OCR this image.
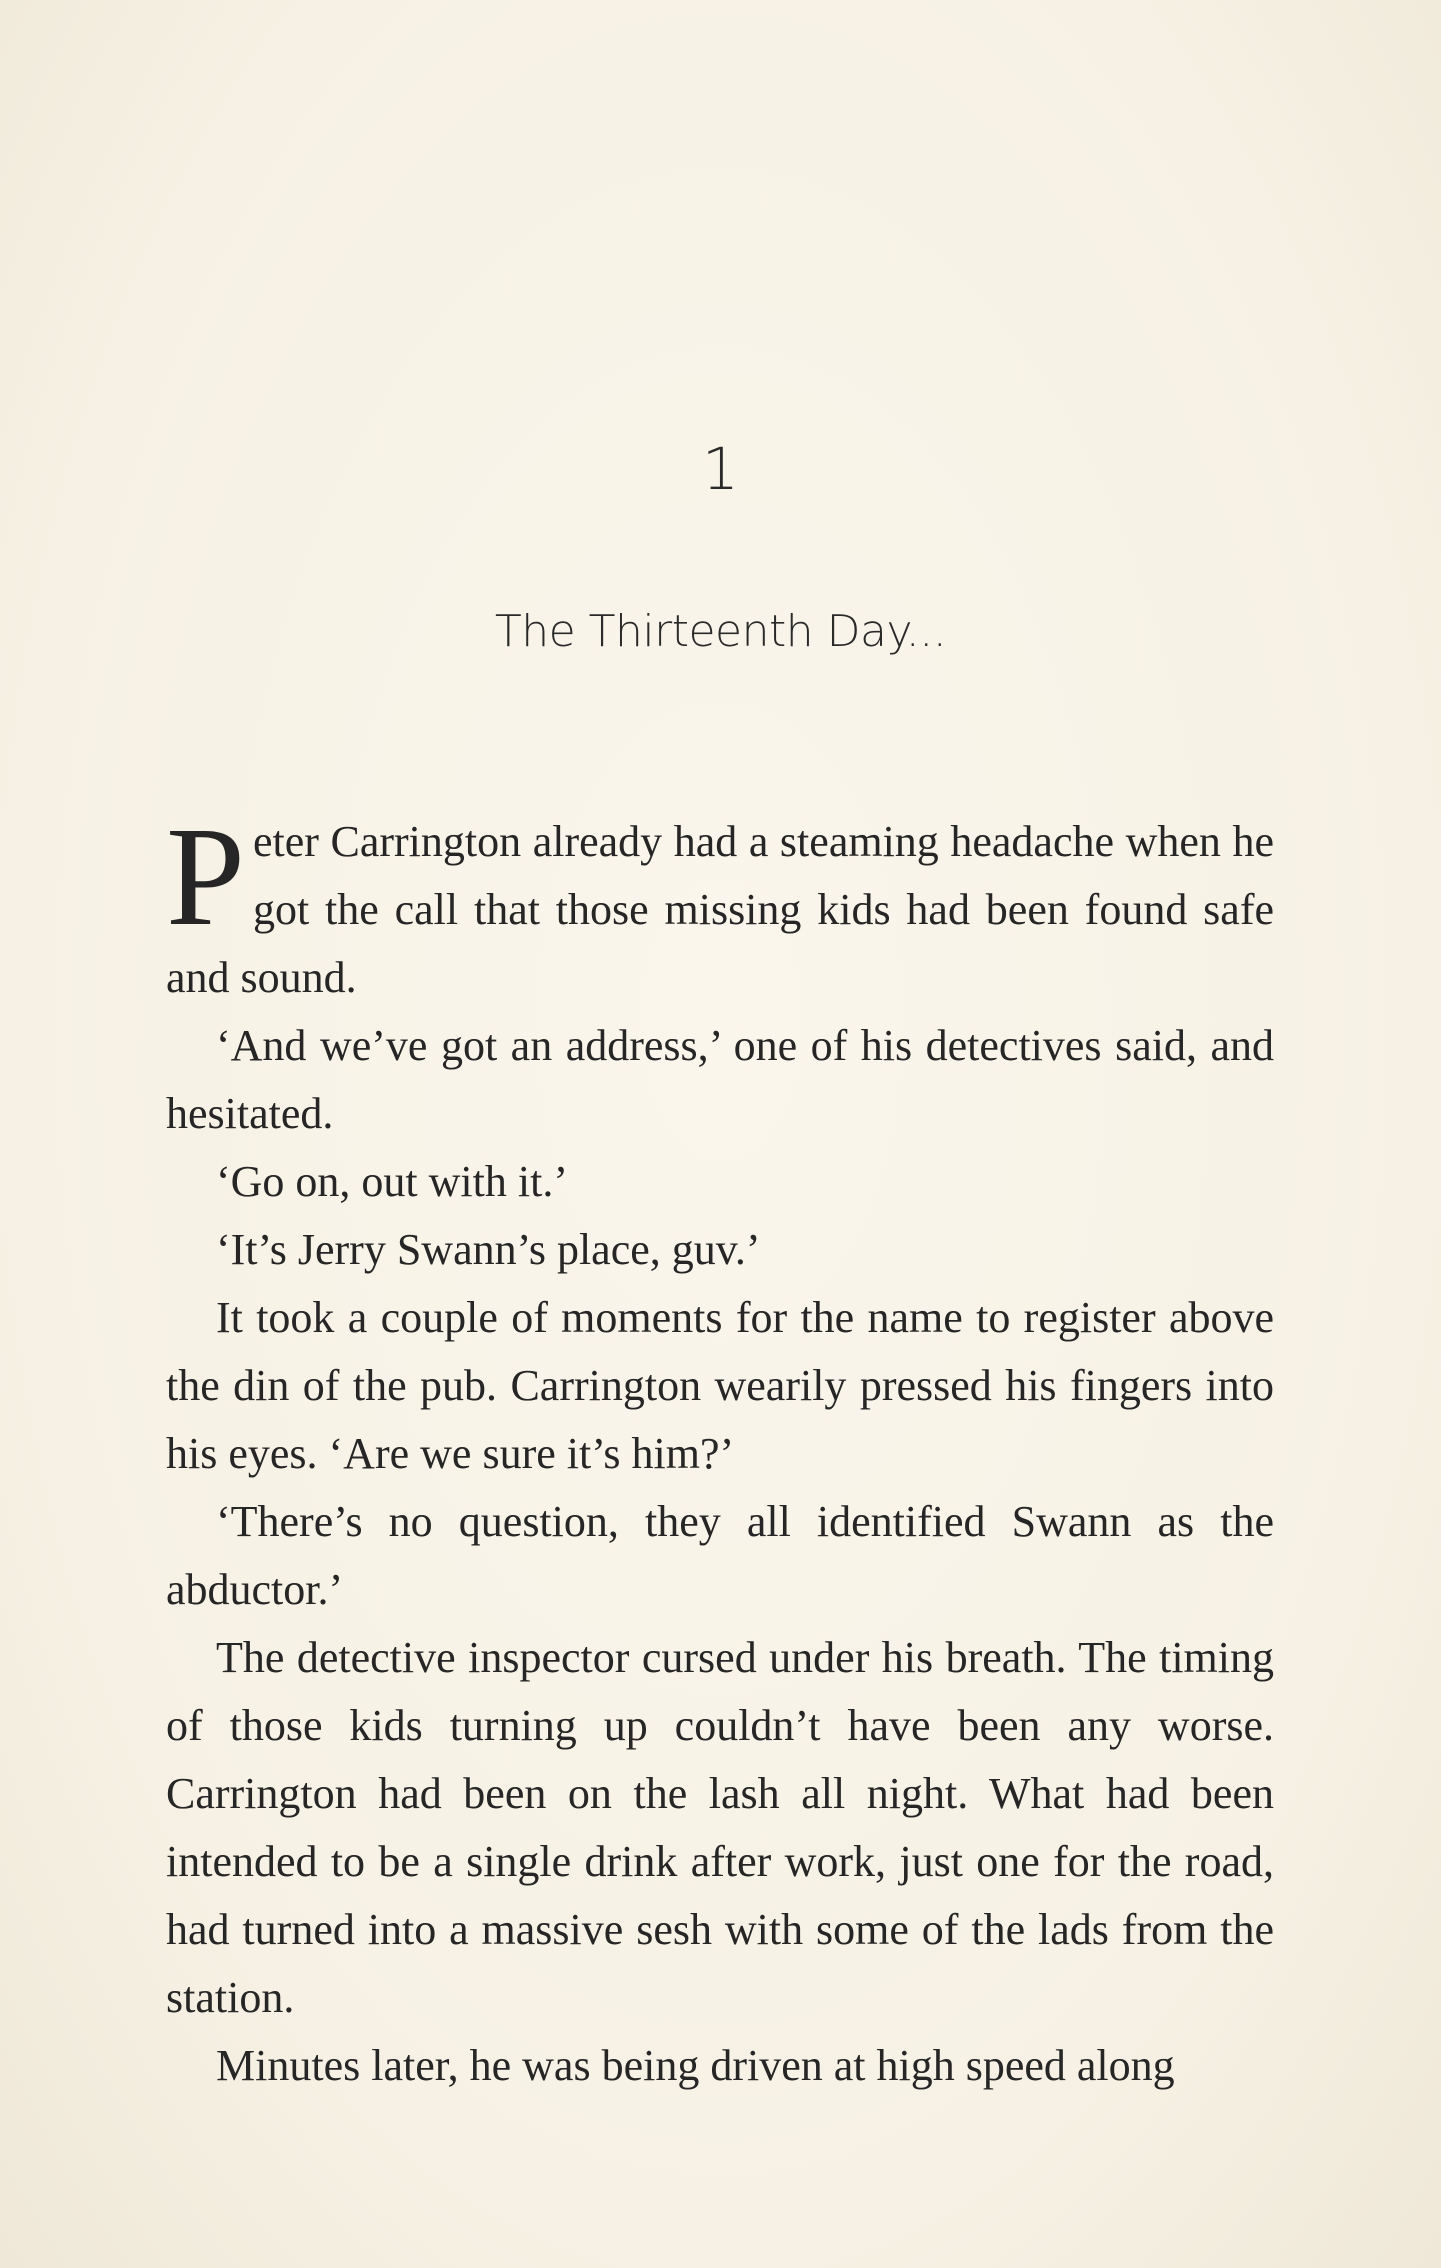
1
The Thirteenth Day...

Peter Carrington already had a steaming headache when he got the call that those missing kids had been found safe and sound.

‘And we’ve got an address,’ one of his detectives said, and hesitated.

‘Go on, out with it.’

‘It’s Jerry Swann’s place, guv.’

It took a couple of moments for the name to register above the din of the pub. Carrington wearily pressed his fingers into his eyes. ‘Are we sure it’s him?’

‘There’s no question, they all identified Swann as the abductor.’

The detective inspector cursed under his breath. The timing of those kids turning up couldn’t have been any worse. Carrington had been on the lash all night. What had been intended to be a single drink after work, just one for the road, had turned into a massive sesh with some of the lads from the station.

Minutes later, he was being driven at high speed along
